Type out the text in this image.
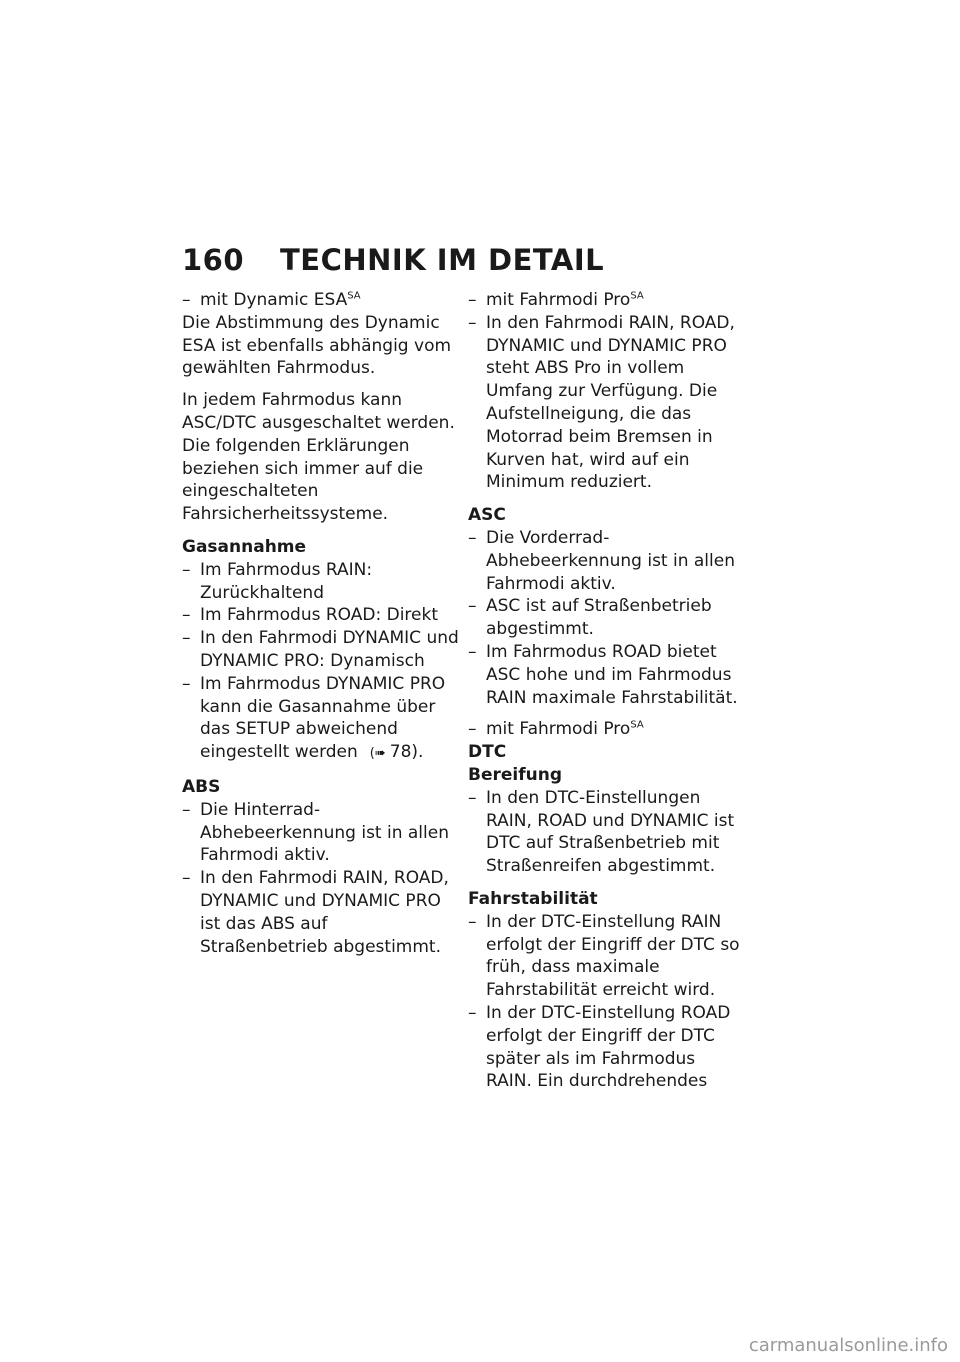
160 TECHNIK IM DETAIL
– mit Dynamic $ESA^{SA}$

Die Abstimmung des Dynamic ESA ist ebenfalls abhängig vom gewählten Fahrmodus.

In jedem Fahrmodus kann ASC/DTC ausgeschaltet werden. Die folgenden Erklärungen beziehen sich immer auf die eingeschalteten Fahrsicherheitssysteme.

Gasannahme

– Im Fahrmodus RAIN: Zurückhaltend
– Im Fahrmodus ROAD: Direkt
– In den Fahrmodi DYNAMIC und DYNAMIC PRO: Dynamisch
– Im Fahrmodus DYNAMIC PRO kann die Gasannahme über das SETUP abweichend eingestellt werden (➠ 78).

ABS

– Die Hinterrad-Abhebeerkennung ist in allen Fahrmodi aktiv.
– In den Fahrmodi RAIN, ROAD, DYNAMIC und DYNAMIC PRO ist das ABS auf Straßenbetrieb abgestimmt.
– mit Fahrmodi Pro$^{SA}$
– In den Fahrmodi RAIN, ROAD, DYNAMIC und DYNAMIC PRO steht ABS Pro in vollem Umfang zur Verfügung. Die Aufstellneigung, die das Motorrad beim Bremsen in Kurven hat, wird auf ein Minimum reduziert.

ASC

– Die Vorderrad-Abhebeerkennung ist in allen Fahrmodi aktiv.
– ASC ist auf Straßenbetrieb abgestimmt.
– Im Fahrmodus ROAD bietet ASC hohe und im Fahrmodus RAIN maximale Fahrstabilität.
– mit Fahrmodi Pro$^{SA}$

DTC

Bereifung

– In den DTC-Einstellungen RAIN, ROAD und DYNAMIC ist DTC auf Straßenbetrieb mit Straßenreifen abgestimmt.

Fahrstabilität

– In der DTC-Einstellung RAIN erfolgt der Eingriff der DTC so früh, dass maximale Fahrstabilität erreicht wird.
– In der DTC-Einstellung ROAD erfolgt der Eingriff der DTC später als im Fahrmodus RAIN. Ein durchdrehendes
carmanualsonline.info
